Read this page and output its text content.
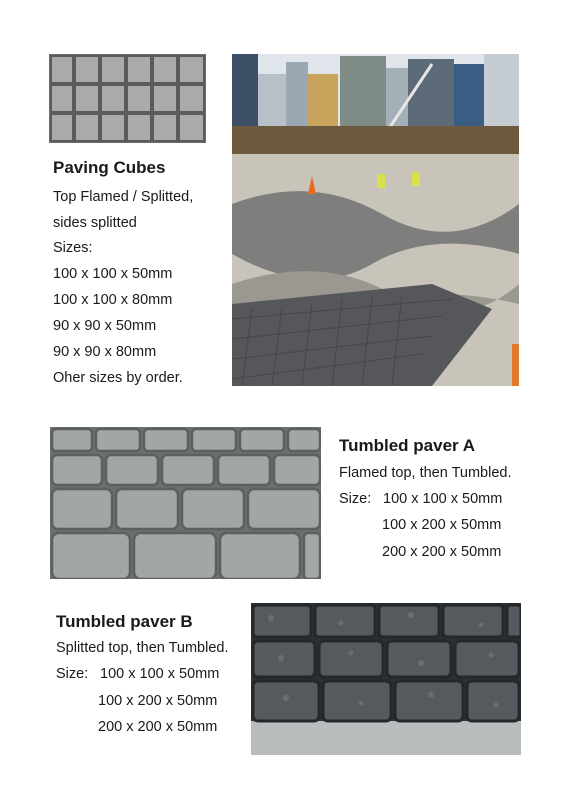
Paving Cubes
Top Flamed / Splitted,
sides splitted
Sizes:
100 x 100 x 50mm
100 x 100 x 80mm
90 x 90 x 50mm
90 x 90 x 80mm
Oher sizes by order.
Tumbled paver A
Flamed top, then Tumbled.
Size: 100 x 100 x 50mm
100 x 200 x 50mm
200 x 200 x 50mm
Tumbled paver B
Splitted top, then Tumbled.
Size: 100 x 100 x 50mm
100 x 200 x 50mm
200 x 200 x 50mm
